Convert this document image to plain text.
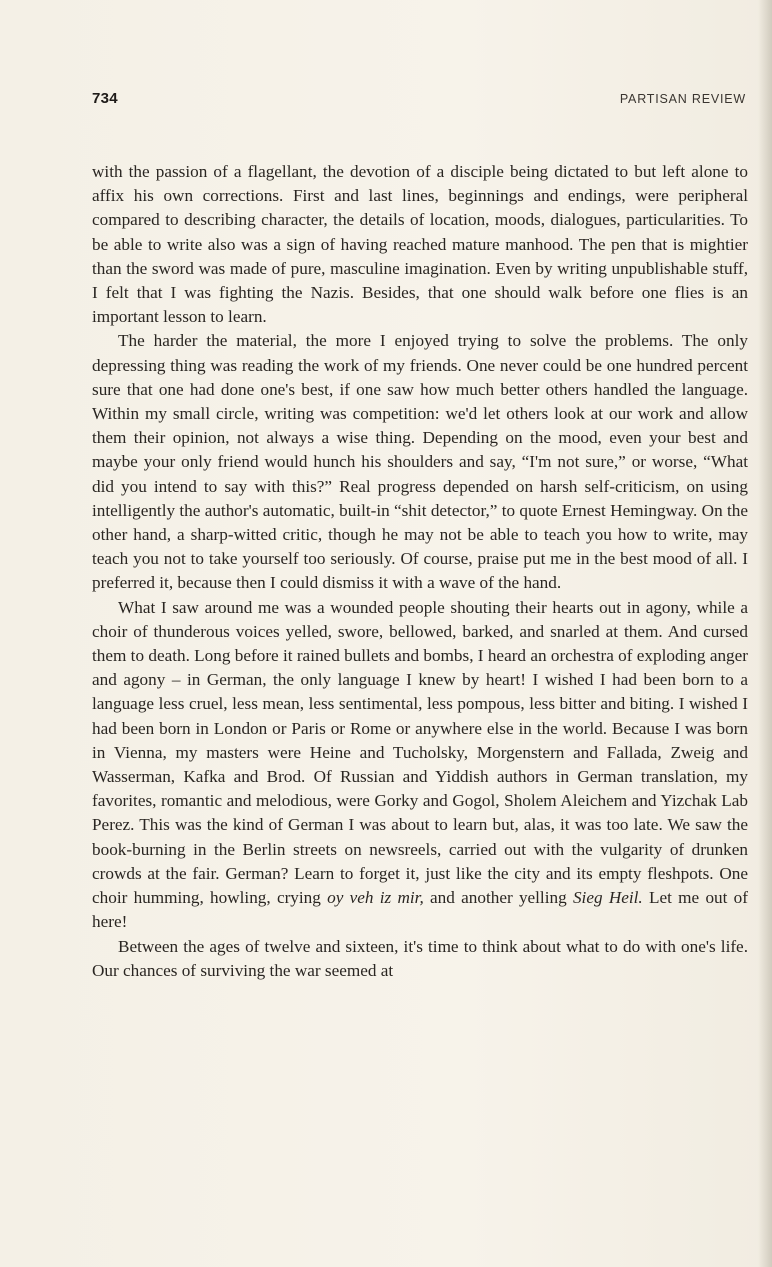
734	PARTISAN REVIEW

with the passion of a flagellant, the devotion of a disciple being dictated to but left alone to affix his own corrections. First and last lines, beginnings and endings, were peripheral compared to describing character, the details of location, moods, dialogues, particularities. To be able to write also was a sign of having reached mature manhood. The pen that is mightier than the sword was made of pure, masculine imagination. Even by writing unpublishable stuff, I felt that I was fighting the Nazis. Besides, that one should walk before one flies is an important lesson to learn.

The harder the material, the more I enjoyed trying to solve the problems. The only depressing thing was reading the work of my friends. One never could be one hundred percent sure that one had done one's best, if one saw how much better others handled the language. Within my small circle, writing was competition: we'd let others look at our work and allow them their opinion, not always a wise thing. Depending on the mood, even your best and maybe your only friend would hunch his shoulders and say, “I'm not sure,” or worse, “What did you intend to say with this?” Real progress depended on harsh self-criticism, on using intelligently the author's automatic, built-in “shit detector,” to quote Ernest Hemingway. On the other hand, a sharp-witted critic, though he may not be able to teach you how to write, may teach you not to take yourself too seriously. Of course, praise put me in the best mood of all. I preferred it, because then I could dismiss it with a wave of the hand.

What I saw around me was a wounded people shouting their hearts out in agony, while a choir of thunderous voices yelled, swore, bellowed, barked, and snarled at them. And cursed them to death. Long before it rained bullets and bombs, I heard an orchestra of exploding anger and agony – in German, the only language I knew by heart! I wished I had been born to a language less cruel, less mean, less sentimental, less pompous, less bitter and biting. I wished I had been born in London or Paris or Rome or anywhere else in the world. Because I was born in Vienna, my masters were Heine and Tucholsky, Morgenstern and Fallada, Zweig and Wasserman, Kafka and Brod. Of Russian and Yiddish authors in German translation, my favorites, romantic and melodious, were Gorky and Gogol, Sholem Aleichem and Yizchak Lab Perez. This was the kind of German I was about to learn but, alas, it was too late. We saw the book-burning in the Berlin streets on newsreels, carried out with the vulgarity of drunken crowds at the fair. German? Learn to forget it, just like the city and its empty fleshpots. One choir humming, howling, crying oy veh iz mir, and another yelling Sieg Heil. Let me out of here!

Between the ages of twelve and sixteen, it's time to think about what to do with one's life. Our chances of surviving the war seemed at
